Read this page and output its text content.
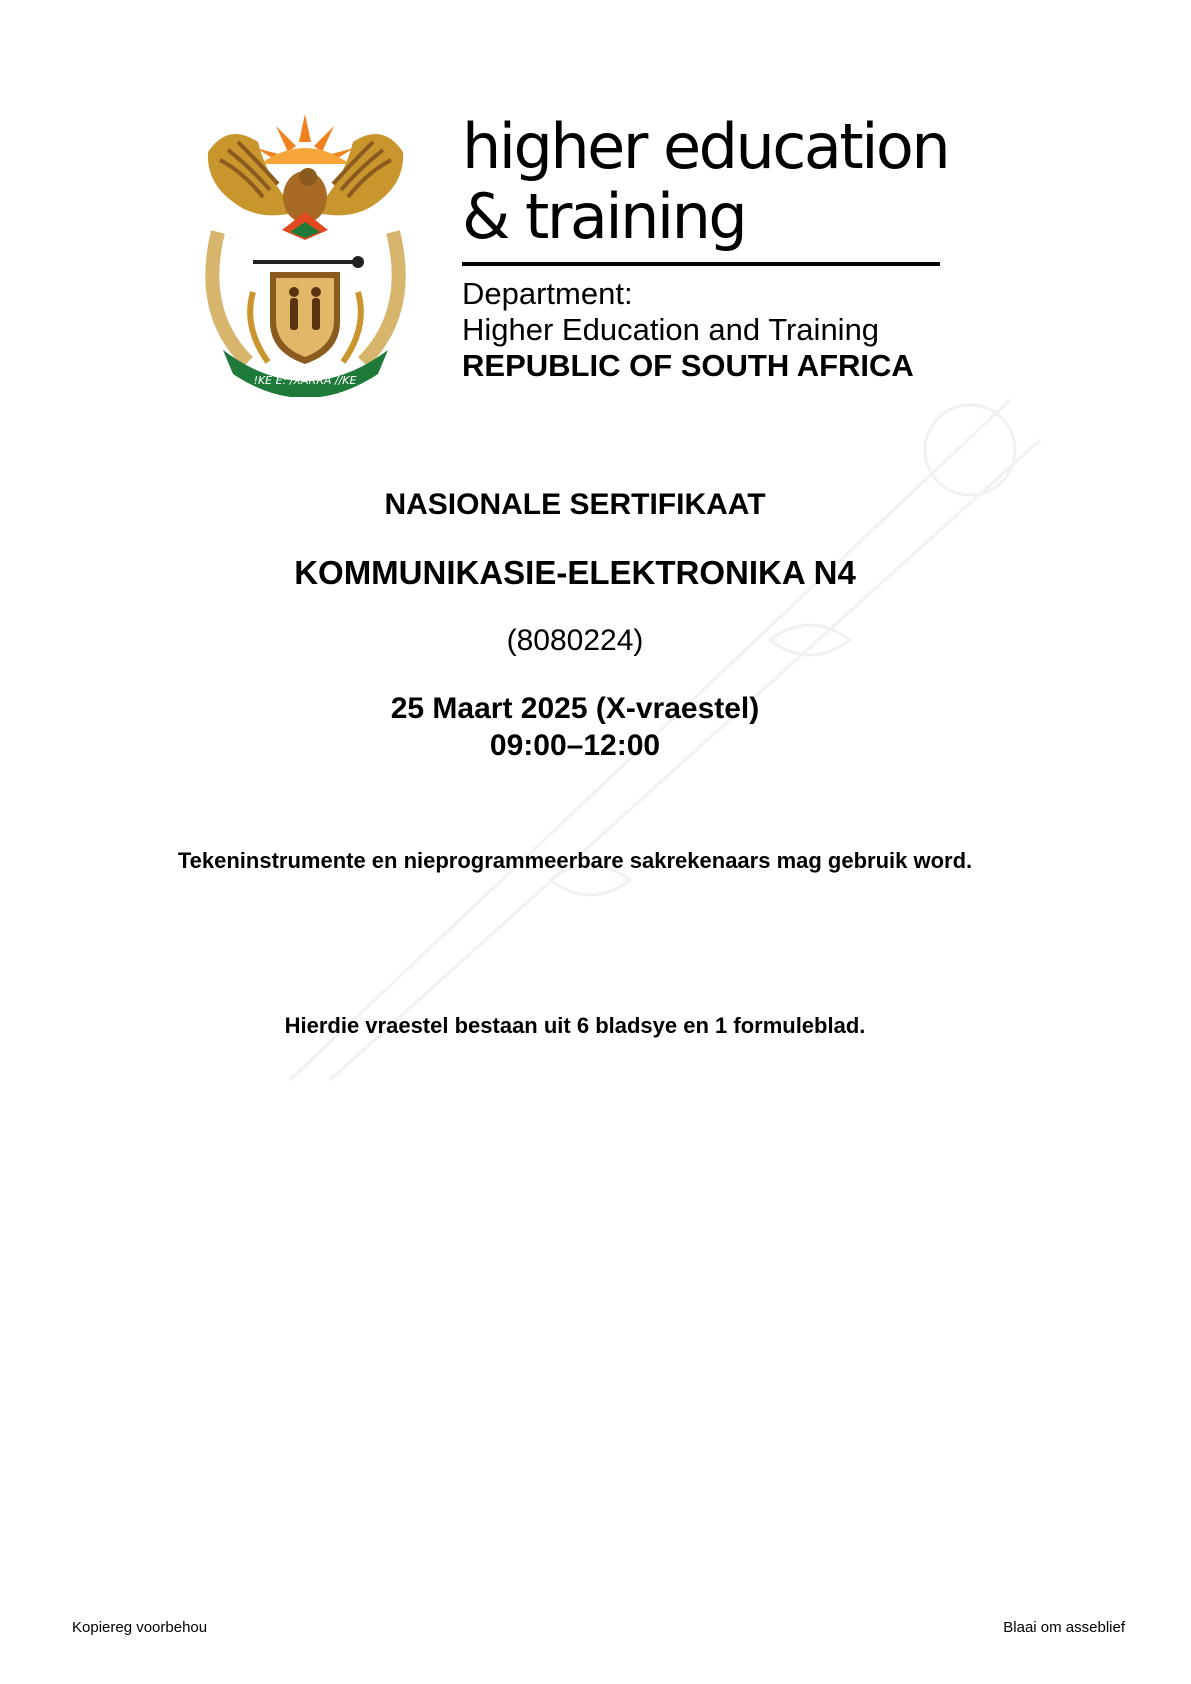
!KE E: /XARRA //KE
higher education
& training
Department:
Higher Education and Training
REPUBLIC OF SOUTH AFRICA
NASIONALE SERTIFIKAAT
KOMMUNIKASIE-ELEKTRONIKA N4
(8080224)
25 Maart 2025 (X-vraestel)
09:00–12:00
Tekeninstrumente en nieprogrammeerbare sakrekenaars mag gebruik word.
Hierdie vraestel bestaan uit 6 bladsye en 1 formuleblad.
Kopiereg voorbehou	Blaai om asseblief
